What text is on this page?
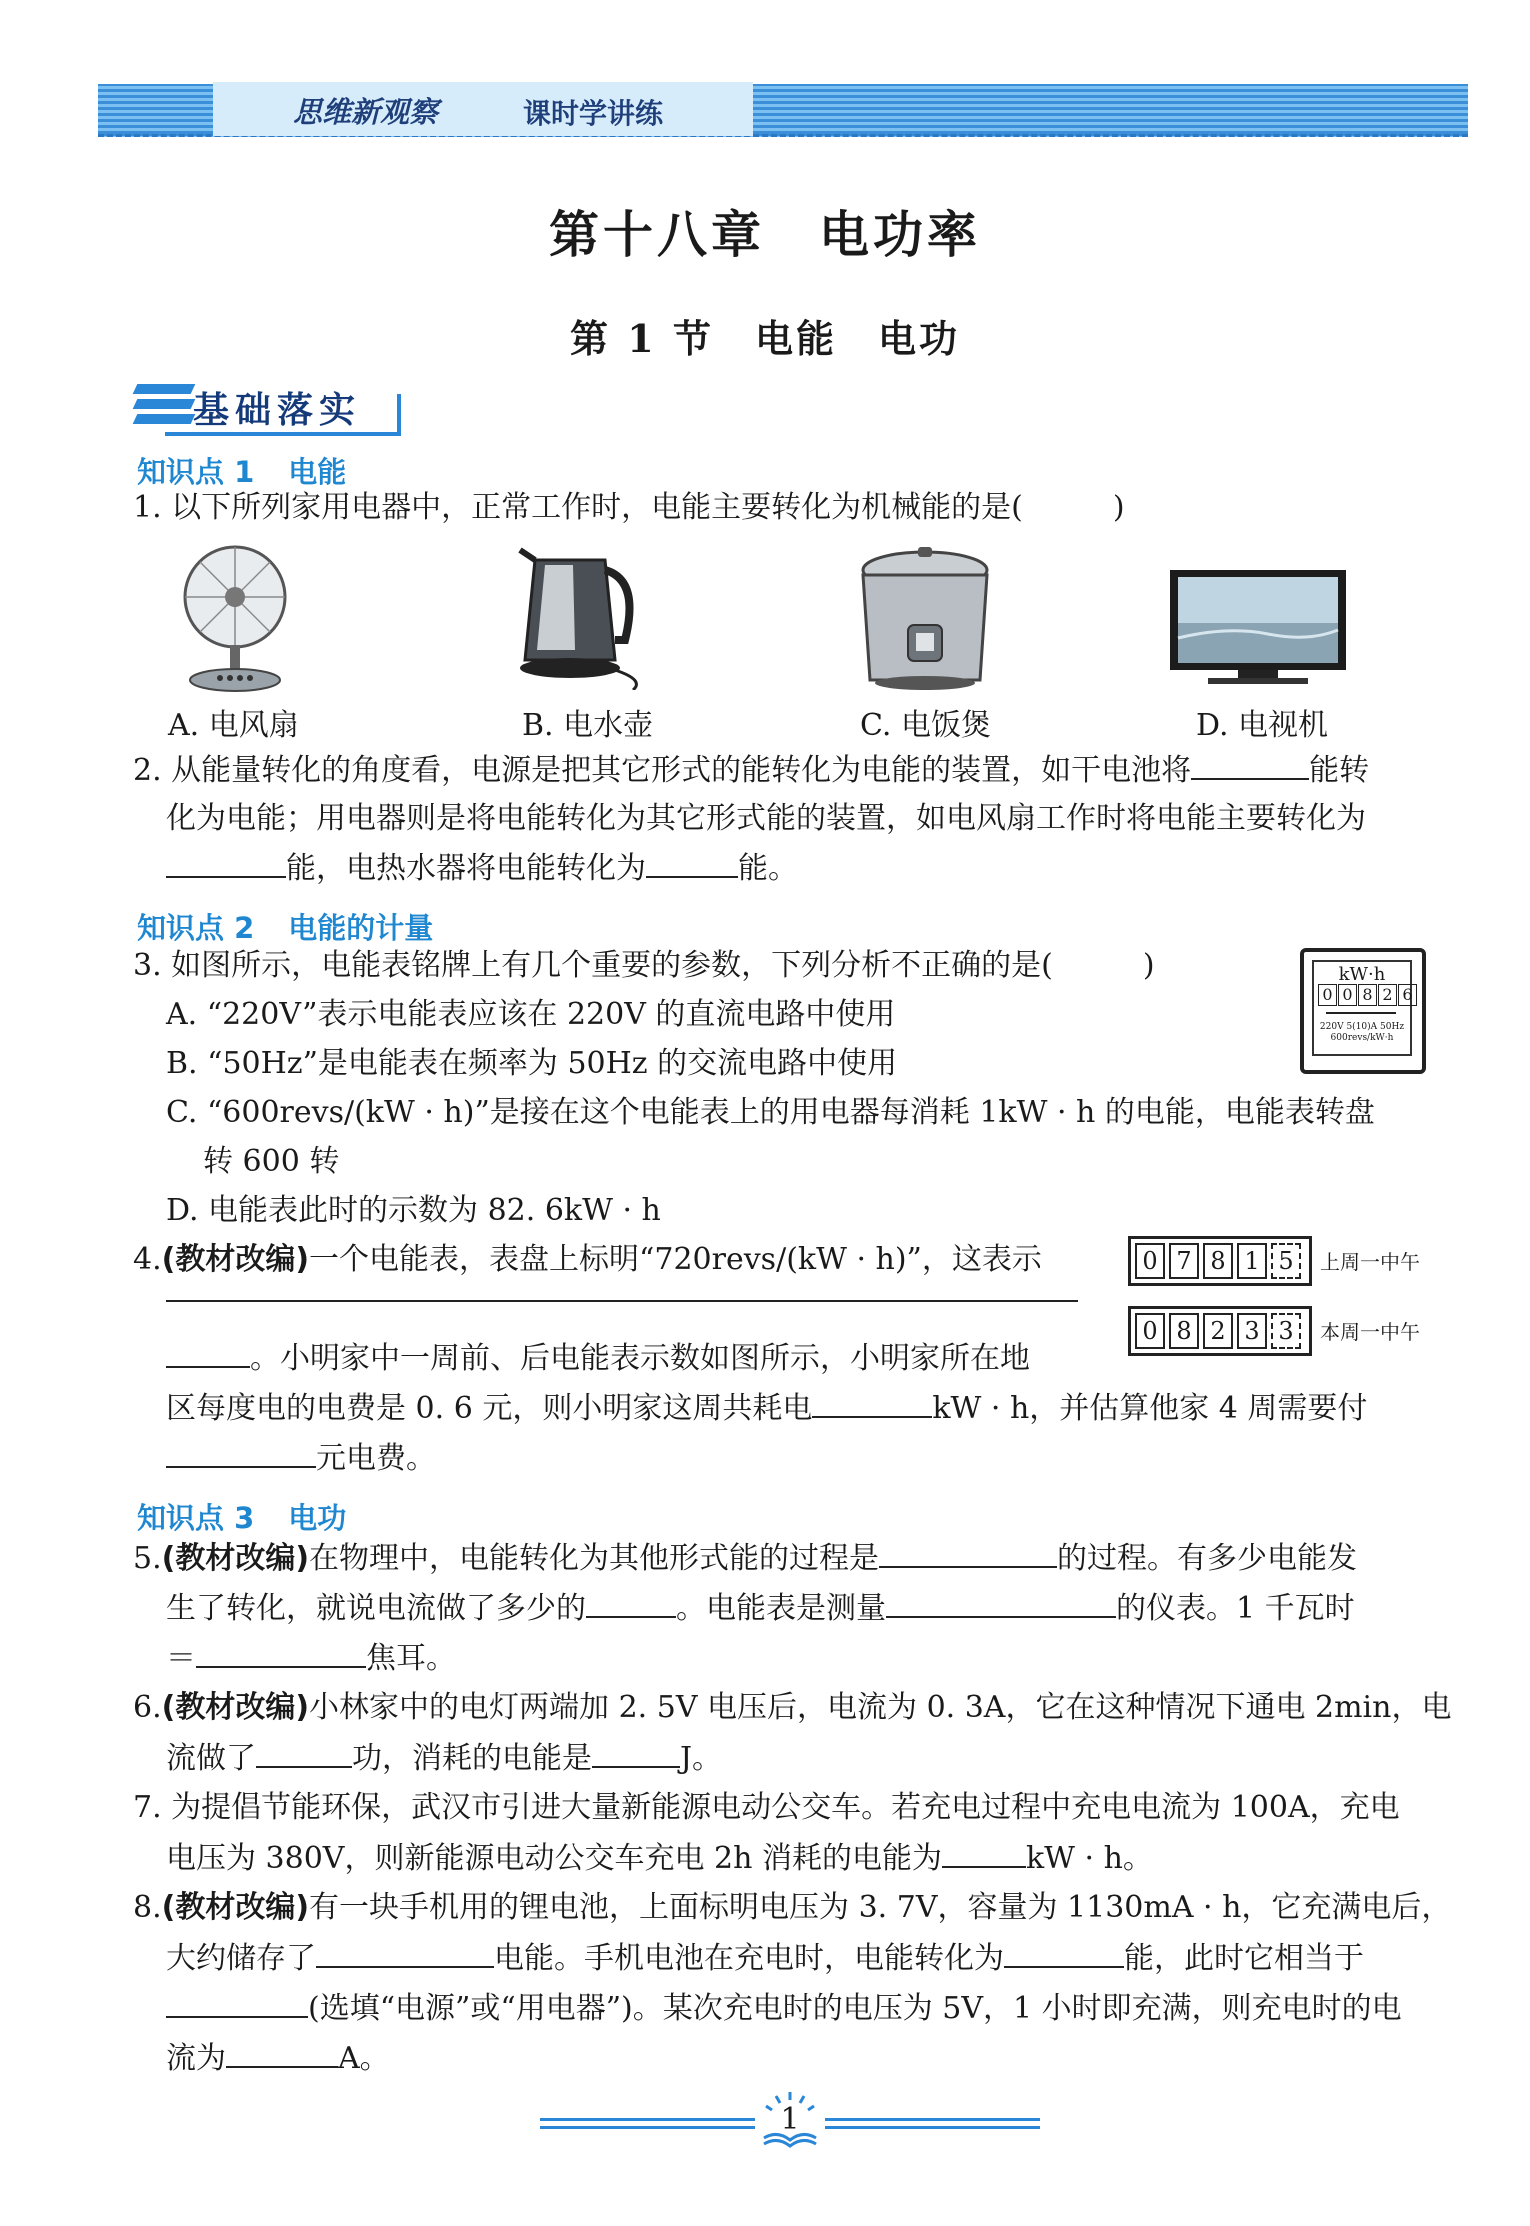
思维新观察	课时学讲练
第十八章　电功率
第 1 节　电能　电功
基础落实
知识点 1 电能
1. 以下所列家用电器中，正常工作时，电能主要转化为机械能的是(　　　)
A. 电风扇	B. 电水壶	C. 电饭煲	D. 电视机
2. 从能量转化的角度看，电源是把其它形式的能转化为电能的装置，如干电池将	能转
化为电能；用电器则是将电能转化为其它形式能的装置，如电风扇工作时将电能主要转化为
能，电热水器将电能转化为	能。
知识点 2 电能的计量
3. 如图所示，电能表铭牌上有几个重要的参数，下列分析不正确的是(　　　)
A. “220V”表示电能表应该在 220V 的直流电路中使用
B. “50Hz”是电能表在频率为 50Hz 的交流电路中使用
C. “600revs/(kW · h)”是接在这个电能表上的用电器每消耗 1kW · h 的电能，电能表转盘
转 600 转
D. 电能表此时的示数为 82. 6kW · h
kW·h
0 0 8 2 6
220V 5(10)A 50Hz 600revs/kW·h
4.(教材改编)一个电能表，表盘上标明“720revs/(kW · h)”，这表示
。小明家中一周前、后电能表示数如图所示，小明家所在地
区每度电的电费是 0. 6 元，则小明家这周共耗电	kW · h，并估算他家 4 周需要付
元电费。
0 7 8 1 5	上周一中午
0 8 2 3 3	本周一中午
知识点 3 电功
5.(教材改编)在物理中，电能转化为其他形式能的过程是	的过程。有多少电能发
生了转化，就说电流做了多少的	。电能表是测量	的仪表。1 千瓦时
＝	焦耳。
6.(教材改编)小林家中的电灯两端加 2. 5V 电压后，电流为 0. 3A，它在这种情况下通电 2min，电
流做了	功，消耗的电能是	J。
7. 为提倡节能环保，武汉市引进大量新能源电动公交车。若充电过程中充电电流为 100A，充电
电压为 380V，则新能源电动公交车充电 2h 消耗的电能为	kW · h。
8.(教材改编)有一块手机用的锂电池，上面标明电压为 3. 7V，容量为 1130mA · h，它充满电后，
大约储存了	电能。手机电池在充电时，电能转化为	能，此时它相当于
(选填“电源”或“用电器”)。某次充电时的电压为 5V，1 小时即充满，则充电时的电
流为	A。
1
